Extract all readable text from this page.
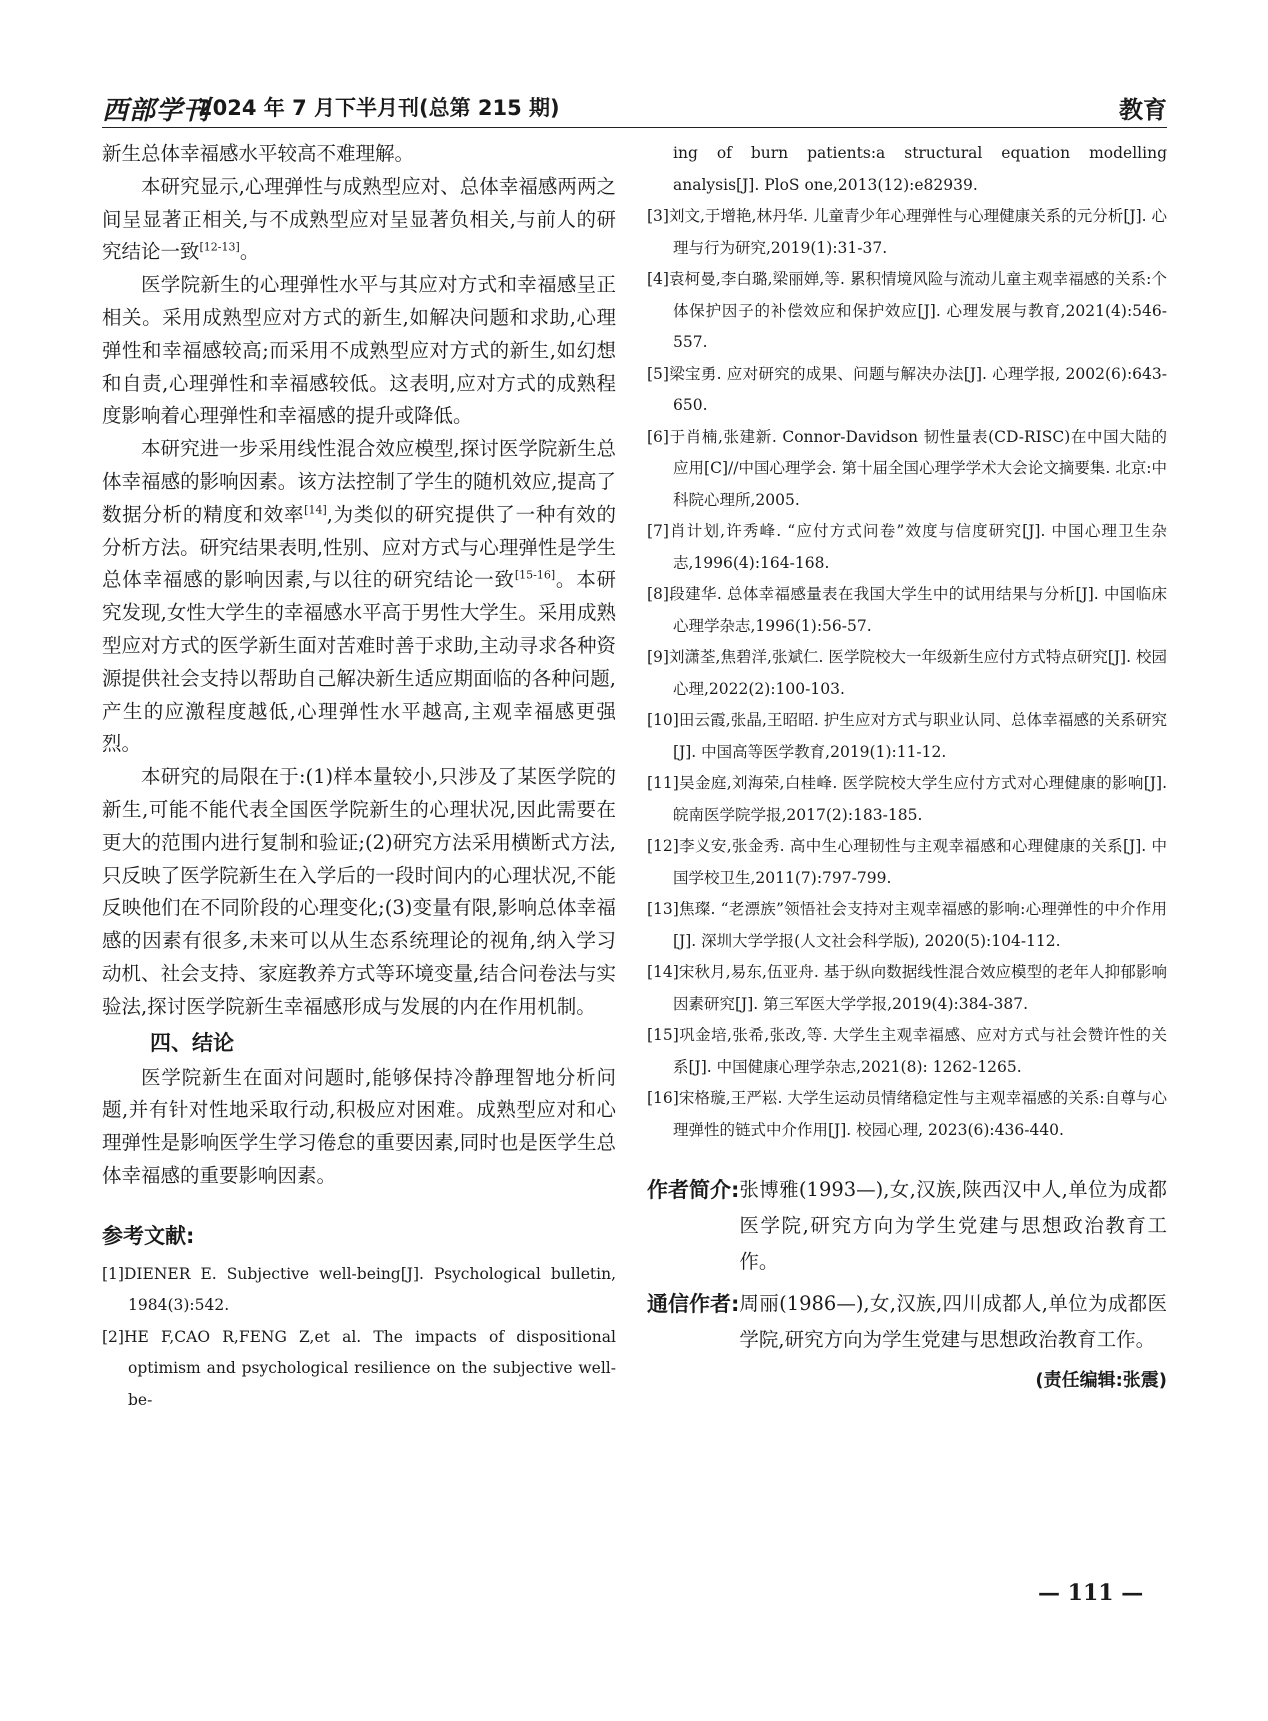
西部学刊
2024 年 7 月下半月刊(总第 215 期)	教育

新生总体幸福感水平较高不难理解。

本研究显示,心理弹性与成熟型应对、总体幸福感两两之间呈显著正相关,与不成熟型应对呈显著负相关,与前人的研究结论一致[12-13]。

医学院新生的心理弹性水平与其应对方式和幸福感呈正相关。采用成熟型应对方式的新生,如解决问题和求助,心理弹性和幸福感较高;而采用不成熟型应对方式的新生,如幻想和自责,心理弹性和幸福感较低。这表明,应对方式的成熟程度影响着心理弹性和幸福感的提升或降低。

本研究进一步采用线性混合效应模型,探讨医学院新生总体幸福感的影响因素。该方法控制了学生的随机效应,提高了数据分析的精度和效率[14],为类似的研究提供了一种有效的分析方法。研究结果表明,性别、应对方式与心理弹性是学生总体幸福感的影响因素,与以往的研究结论一致[15-16]。本研究发现,女性大学生的幸福感水平高于男性大学生。采用成熟型应对方式的医学新生面对苦难时善于求助,主动寻求各种资源提供社会支持以帮助自己解决新生适应期面临的各种问题,产生的应激程度越低,心理弹性水平越高,主观幸福感更强烈。

本研究的局限在于:(1)样本量较小,只涉及了某医学院的新生,可能不能代表全国医学院新生的心理状况,因此需要在更大的范围内进行复制和验证;(2)研究方法采用横断式方法,只反映了医学院新生在入学后的一段时间内的心理状况,不能反映他们在不同阶段的心理变化;(3)变量有限,影响总体幸福感的因素有很多,未来可以从生态系统理论的视角,纳入学习动机、社会支持、家庭教养方式等环境变量,结合问卷法与实验法,探讨医学院新生幸福感形成与发展的内在作用机制。

四、结论

医学院新生在面对问题时,能够保持冷静理智地分析问题,并有针对性地采取行动,积极应对困难。成熟型应对和心理弹性是影响医学生学习倦怠的重要因素,同时也是医学生总体幸福感的重要影响因素。

参考文献:

[1]DIENER E. Subjective well-being[J]. Psychological bulletin, 1984(3):542.

[2]HE F,CAO R,FENG Z,et al. The impacts of dispositional optimism and psychological resilience on the subjective well-be-

ing of burn patients:a structural equation modelling analysis[J]. PloS one,2013(12):e82939.

[3]刘文,于增艳,林丹华. 儿童青少年心理弹性与心理健康关系的元分析[J]. 心理与行为研究,2019(1):31-37.

[4]袁柯曼,李白璐,梁丽婵,等. 累积情境风险与流动儿童主观幸福感的关系:个体保护因子的补偿效应和保护效应[J]. 心理发展与教育,2021(4):546-557.

[5]梁宝勇. 应对研究的成果、问题与解决办法[J]. 心理学报, 2002(6):643-650.

[6]于肖楠,张建新. Connor-Davidson 韧性量表(CD-RISC)在中国大陆的应用[C]//中国心理学会. 第十届全国心理学学术大会论文摘要集. 北京:中科院心理所,2005.

[7]肖计划,许秀峰. “应付方式问卷”效度与信度研究[J]. 中国心理卫生杂志,1996(4):164-168.

[8]段建华. 总体幸福感量表在我国大学生中的试用结果与分析[J]. 中国临床心理学杂志,1996(1):56-57.

[9]刘潇荃,焦碧洋,张斌仁. 医学院校大一年级新生应付方式特点研究[J]. 校园心理,2022(2):100-103.

[10]田云霞,张晶,王昭昭. 护生应对方式与职业认同、总体幸福感的关系研究[J]. 中国高等医学教育,2019(1):11-12.

[11]吴金庭,刘海荣,白桂峰. 医学院校大学生应付方式对心理健康的影响[J]. 皖南医学院学报,2017(2):183-185.

[12]李义安,张金秀. 高中生心理韧性与主观幸福感和心理健康的关系[J]. 中国学校卫生,2011(7):797-799.

[13]焦璨. “老漂族”领悟社会支持对主观幸福感的影响:心理弹性的中介作用[J]. 深圳大学学报(人文社会科学版), 2020(5):104-112.

[14]宋秋月,易东,伍亚舟. 基于纵向数据线性混合效应模型的老年人抑郁影响因素研究[J]. 第三军医大学学报,2019(4):384-387.

[15]巩金培,张希,张改,等. 大学生主观幸福感、应对方式与社会赞许性的关系[J]. 中国健康心理学杂志,2021(8): 1262-1265.

[16]宋格璇,王严崧. 大学生运动员情绪稳定性与主观幸福感的关系:自尊与心理弹性的链式中介作用[J]. 校园心理, 2023(6):436-440.

作者简介: 张博雅(1993—),女,汉族,陕西汉中人,单位为成都医学院,研究方向为学生党建与思想政治教育工作。
通信作者: 周丽(1986—),女,汉族,四川成都人,单位为成都医学院,研究方向为学生党建与思想政治教育工作。
(责任编辑:张震)
— 111 —
